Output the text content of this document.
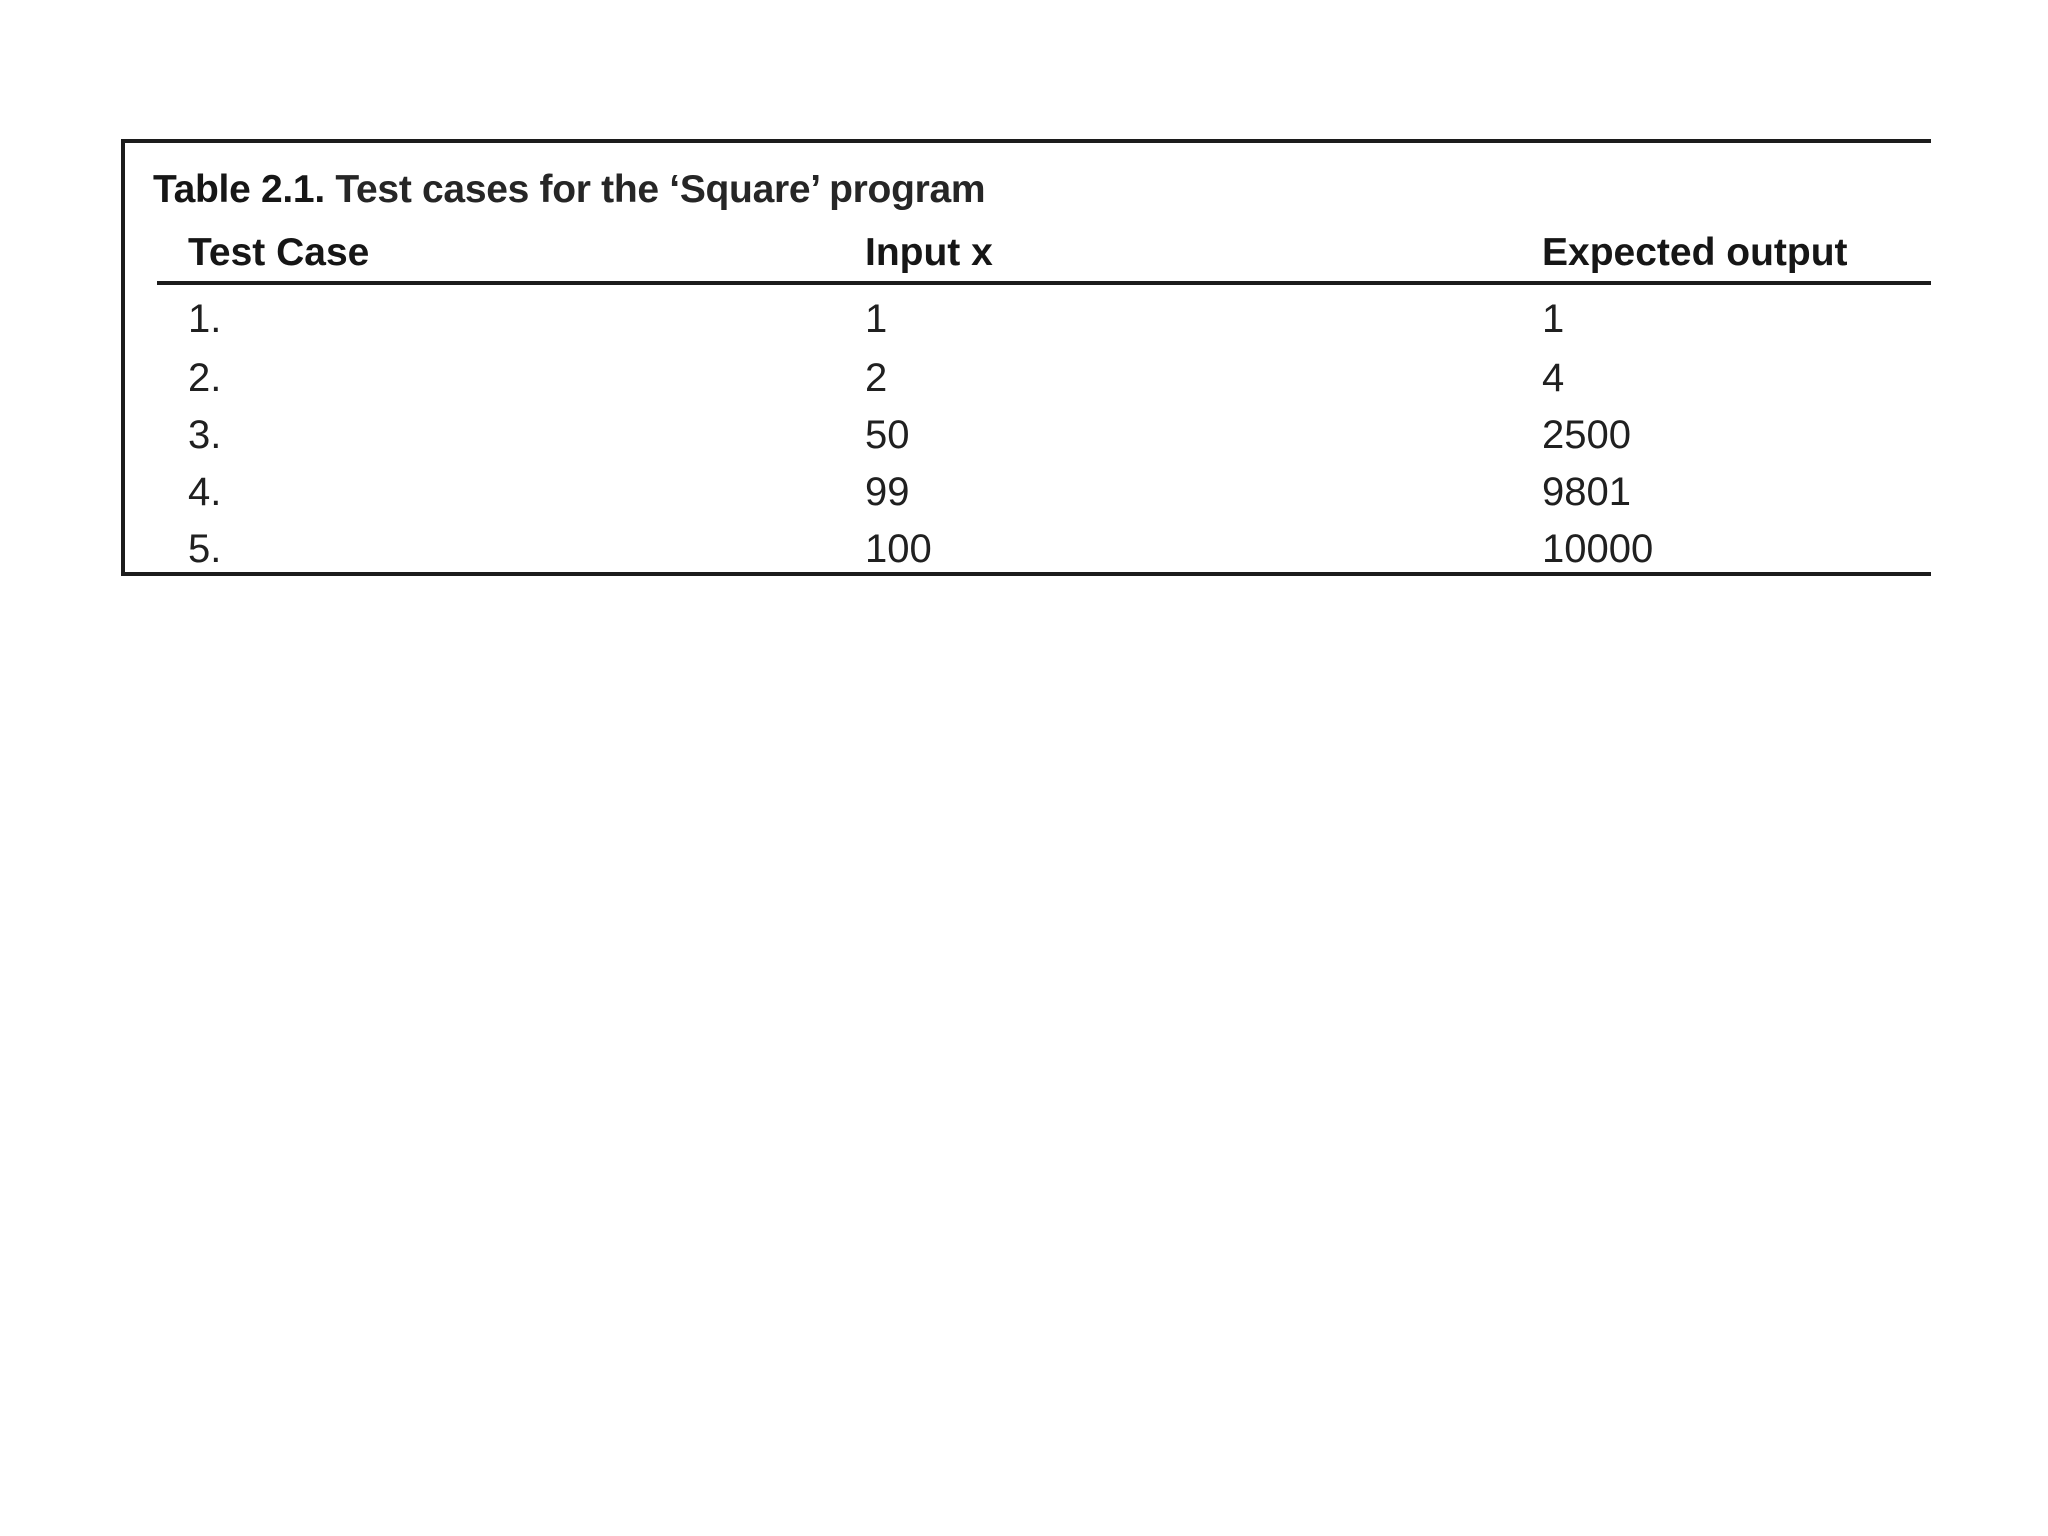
Table 2.1. Test cases for the ‘Square’ program
Test Case	Input x	Expected output
1.	1	1
2.	2	4
3.	50	2500
4.	99	9801
5.	100	10000
